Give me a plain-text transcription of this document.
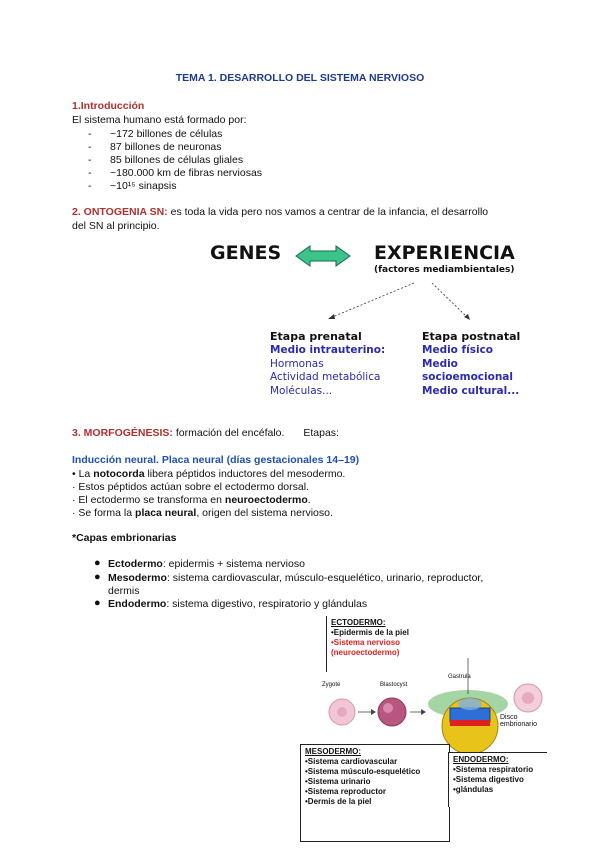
TEMA 1. DESARROLLO DEL SISTEMA NERVIOSO
1.Introducción
El sistema humano está formado por:
- ~172 billones de células
- 87 billones de neuronas
- 85 billones de células gliales
- ~180.000 km de fibras nerviosas
- ~10¹⁵ sinapsis
2. ONTOGENIA SN: es toda la vida pero nos vamos a centrar de la infancia, el desarrollo
del SN al principio.
GENES	EXPERIENCIA
(factores mediambientales)
Etapa prenatal
Medio intrauterino:
Hormonas
Actividad metabólica
Moléculas...
Etapa postnatal
Medio físico
Medio socioemocional
Medio cultural...
3. MORFOGÉNESIS: formación del encéfalo. Etapas:
Inducción neural. Placa neural (días gestacionales 14–19)
• La notocorda libera péptidos inductores del mesodermo.
· Estos péptidos actúan sobre el ectodermo dorsal.
· El ectodermo se transforma en neuroectodermo.
· Se forma la placa neural, origen del sistema nervioso.
*Capas embrionarias
● Ectodermo: epidermis + sistema nervioso
● Mesodermo: sistema cardiovascular, músculo-esquelético, urinario, reproductor,
dermis
● Endodermo: sistema digestivo, respiratorio y glándulas
ECTODERMO:
•Epidermis de la piel
•Sistema nervioso
(neuroectodermo)
Zygote	Blastocyst
Gastrula
Disco embrionario
MESODERMO:
•Sistema cardiovascular
•Sistema músculo-esquelético
•Sistema urinario
•Sistema reproductor
•Dermis de la piel
ENDODERMO:
•Sistema respiratorio
•Sistema digestivo
•glándulas
